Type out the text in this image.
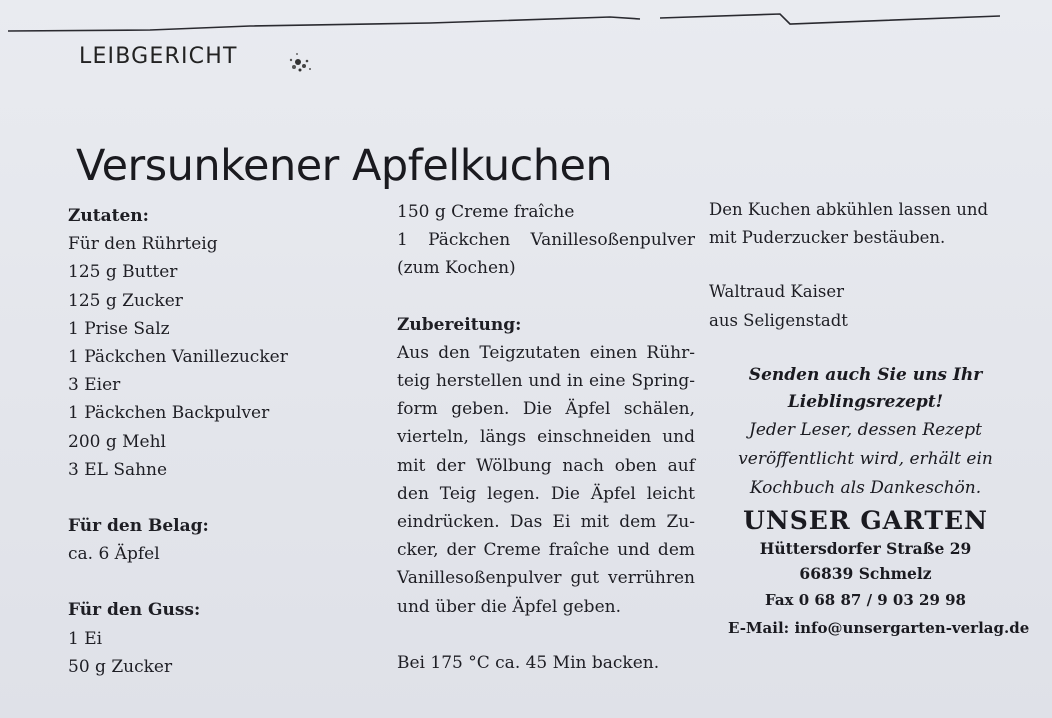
LEIBGERICHT
Versunkener Apfelkuchen

Zutaten:

Für den Rührteig

125 g Butter

125 g Zucker

1 Prise Salz

1 Päckchen Vanillezucker

3 Eier

1 Päckchen Backpulver

200 g Mehl

3 EL Sahne

Für den Belag:

ca. 6 Äpfel

Für den Guss:

1 Ei

50 g Zucker

150 g Creme fraîche

1 Päckchen Vanillesoßenpulver

(zum Kochen)

Zubereitung:

Aus den Teigzutaten einen Rühr-

teig herstellen und in eine Spring-

form geben. Die Äpfel schälen,

vierteln, längs einschneiden und

mit der Wölbung nach oben auf

den Teig legen. Die Äpfel leicht

eindrücken. Das Ei mit dem Zu-

cker, der Creme fraîche und dem

Vanillesoßenpulver gut verrühren

und über die Äpfel geben.

Bei 175 °C ca. 45 Min backen.

Den Kuchen abkühlen lassen und

mit Puderzucker bestäuben.

Waltraud Kaiser

aus Seligenstadt

Senden auch Sie uns Ihr

Lieblingsrezept!

Jeder Leser, dessen Rezept

veröffentlicht wird, erhält ein

Kochbuch als Dankeschön.

UNSER GARTEN

Hüttersdorfer Straße 29

66839 Schmelz

Fax 0 68 87 / 9 03 29 98

E-Mail: info@unsergarten-verlag.de
